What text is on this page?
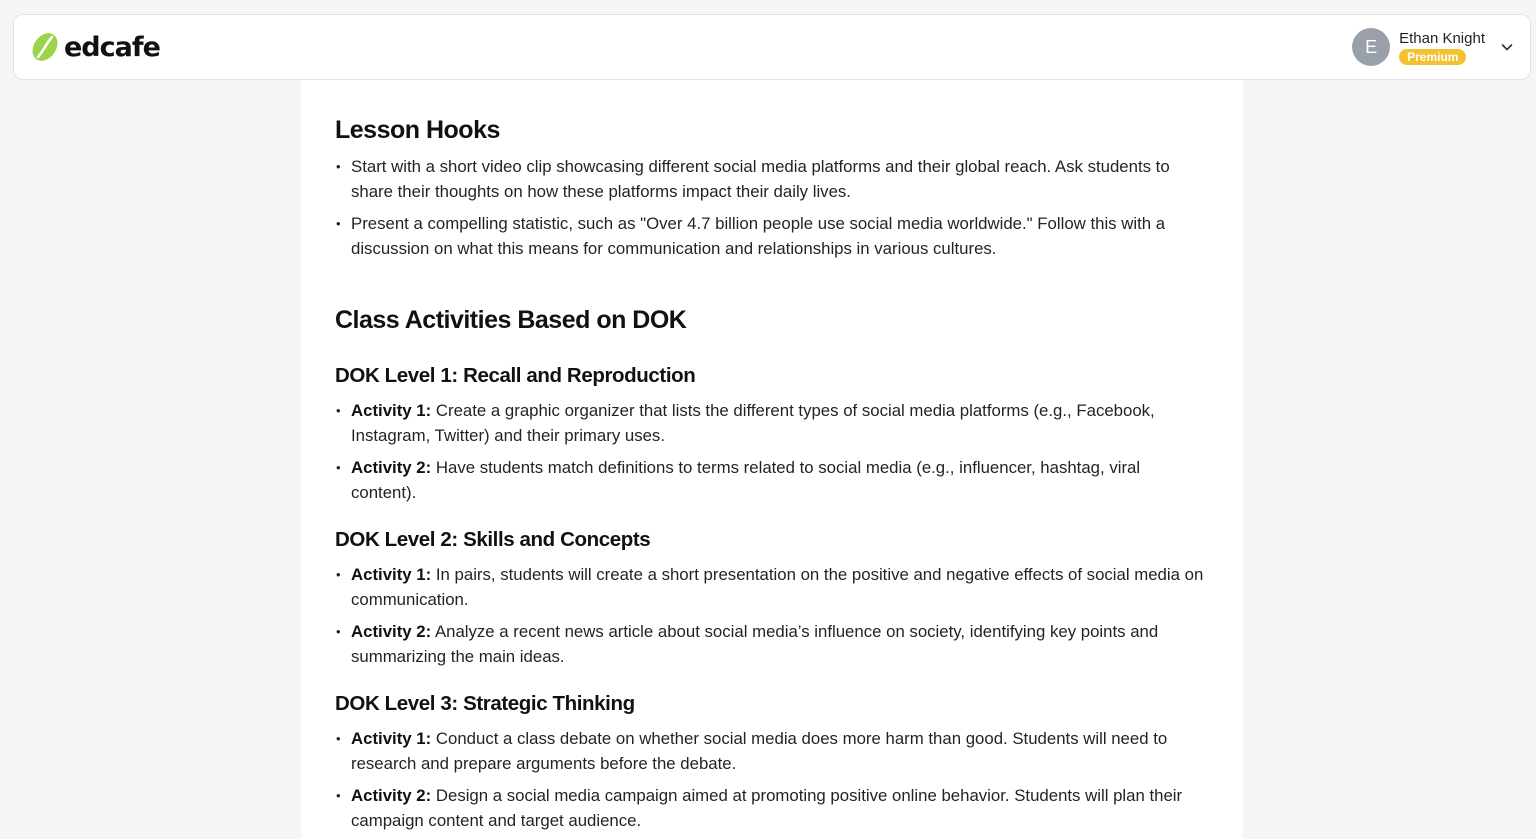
edcafe	E	Ethan Knight
Premium
Lesson Hooks
• Start with a short video clip showcasing different social media platforms and their global reach. Ask students to share their thoughts on how these platforms impact their daily lives.
• Present a compelling statistic, such as "Over 4.7 billion people use social media worldwide." Follow this with a discussion on what this means for communication and relationships in various cultures.
Class Activities Based on DOK
DOK Level 1: Recall and Reproduction
• Activity 1: Create a graphic organizer that lists the different types of social media platforms (e.g., Facebook, Instagram, Twitter) and their primary uses.
• Activity 2: Have students match definitions to terms related to social media (e.g., influencer, hashtag, viral content).
DOK Level 2: Skills and Concepts
• Activity 1: In pairs, students will create a short presentation on the positive and negative effects of social media on communication.
• Activity 2: Analyze a recent news article about social media’s influence on society, identifying key points and summarizing the main ideas.
DOK Level 3: Strategic Thinking
• Activity 1: Conduct a class debate on whether social media does more harm than good. Students will need to research and prepare arguments before the debate.
• Activity 2: Design a social media campaign aimed at promoting positive online behavior. Students will plan their campaign content and target audience.
